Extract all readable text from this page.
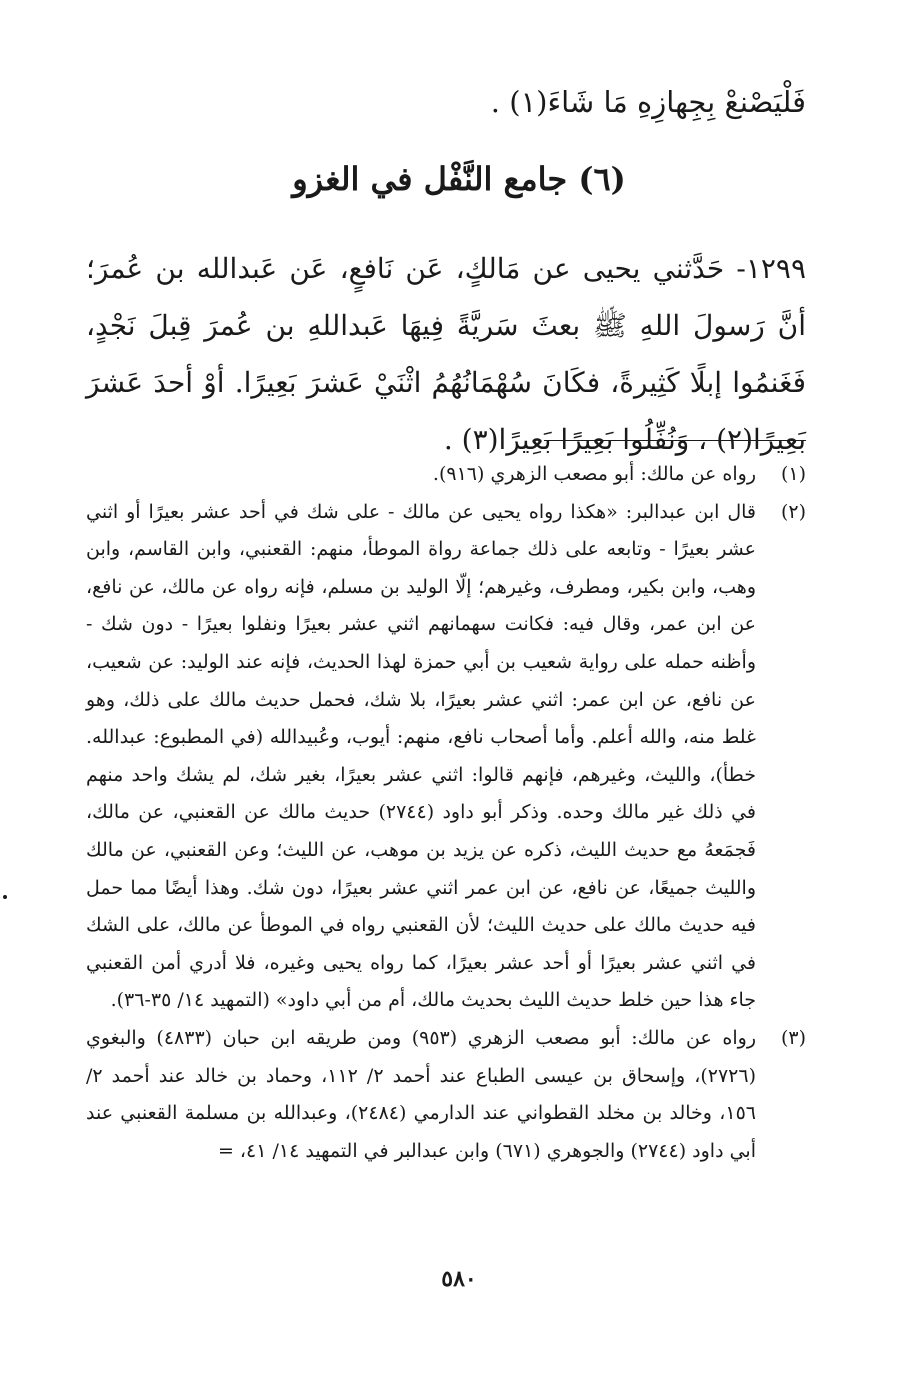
فَلْيَصْنعْ بِجِهازِهِ مَا شَاءَ(١) .
(٦) جامع النَّفْل في الغزو
١٢٩٩- حَدَّثني يحيى عن مَالكٍ، عَن نَافعٍ، عَن عَبدالله بن عُمرَ؛ أنَّ رَسولَ اللهِ ﷺ بعثَ سَريَّةً فِيهَا عَبداللهِ بن عُمرَ قِبلَ نَجْدٍ، فَغَنمُوا إبلًا كَثِيرةً، فكَانَ سُهْمَانُهُمُ اثْنَيْ عَشرَ بَعِيرًا. أوْ أحدَ عَشرَ بَعِيرًا(٢) ، وَنُفِّلُوا بَعِيرًا بَعِيرًا(٣) .
(١)
رواه عن مالك: أبو مصعب الزهري (٩١٦).
(٢)
قال ابن عبدالبر: «هكذا رواه يحيى عن مالك - على شك في أحد عشر بعيرًا أو اثني عشر بعيرًا - وتابعه على ذلك جماعة رواة الموطأ، منهم: القعنبي، وابن القاسم، وابن وهب، وابن بكير، ومطرف، وغيرهم؛ إلّا الوليد بن مسلم، فإنه رواه عن مالك، عن نافع، عن ابن عمر، وقال فيه: فكانت سهمانهم اثني عشر بعيرًا ونفلوا بعيرًا - دون شك - وأظنه حمله على رواية شعيب بن أبي حمزة لهذا الحديث، فإنه عند الوليد: عن شعيب، عن نافع، عن ابن عمر: اثني عشر بعيرًا، بلا شك، فحمل حديث مالك على ذلك، وهو غلط منه، والله أعلم. وأما أصحاب نافع، منهم: أيوب، وعُبيدالله (في المطبوع: عبدالله. خطأ)، والليث، وغيرهم، فإنهم قالوا: اثني عشر بعيرًا، بغير شك، لم يشك واحد منهم في ذلك غير مالك وحده. وذكر أبو داود (٢٧٤٤) حديث مالك عن القعنبي، عن مالك، فَجمَعهُ مع حديث الليث، ذكره عن يزيد بن موهب، عن الليث؛ وعن القعنبي، عن مالك والليث جميعًا، عن نافع، عن ابن عمر اثني عشر بعيرًا، دون شك. وهذا أيضًا مما حمل فيه حديث مالك على حديث الليث؛ لأن القعنبي رواه في الموطأ عن مالك، على الشك في اثني عشر بعيرًا أو أحد عشر بعيرًا، كما رواه يحيى وغيره، فلا أدري أمن القعنبي جاء هذا حين خلط حديث الليث بحديث مالك، أم من أبي داود» (التمهيد ١٤/ ٣٥-٣٦).
(٣)
رواه عن مالك: أبو مصعب الزهري (٩٥٣) ومن طريقه ابن حبان (٤٨٣٣) والبغوي (٢٧٢٦)، وإسحاق بن عيسى الطباع عند أحمد ٢/ ١١٢، وحماد بن خالد عند أحمد ٢/ ١٥٦، وخالد بن مخلد القطواني عند الدارمي (٢٤٨٤)، وعبدالله بن مسلمة القعنبي عند أبي داود (٢٧٤٤) والجوهري (٦٧١) وابن عبدالبر في التمهيد ١٤/ ٤١، =
٥٨٠
